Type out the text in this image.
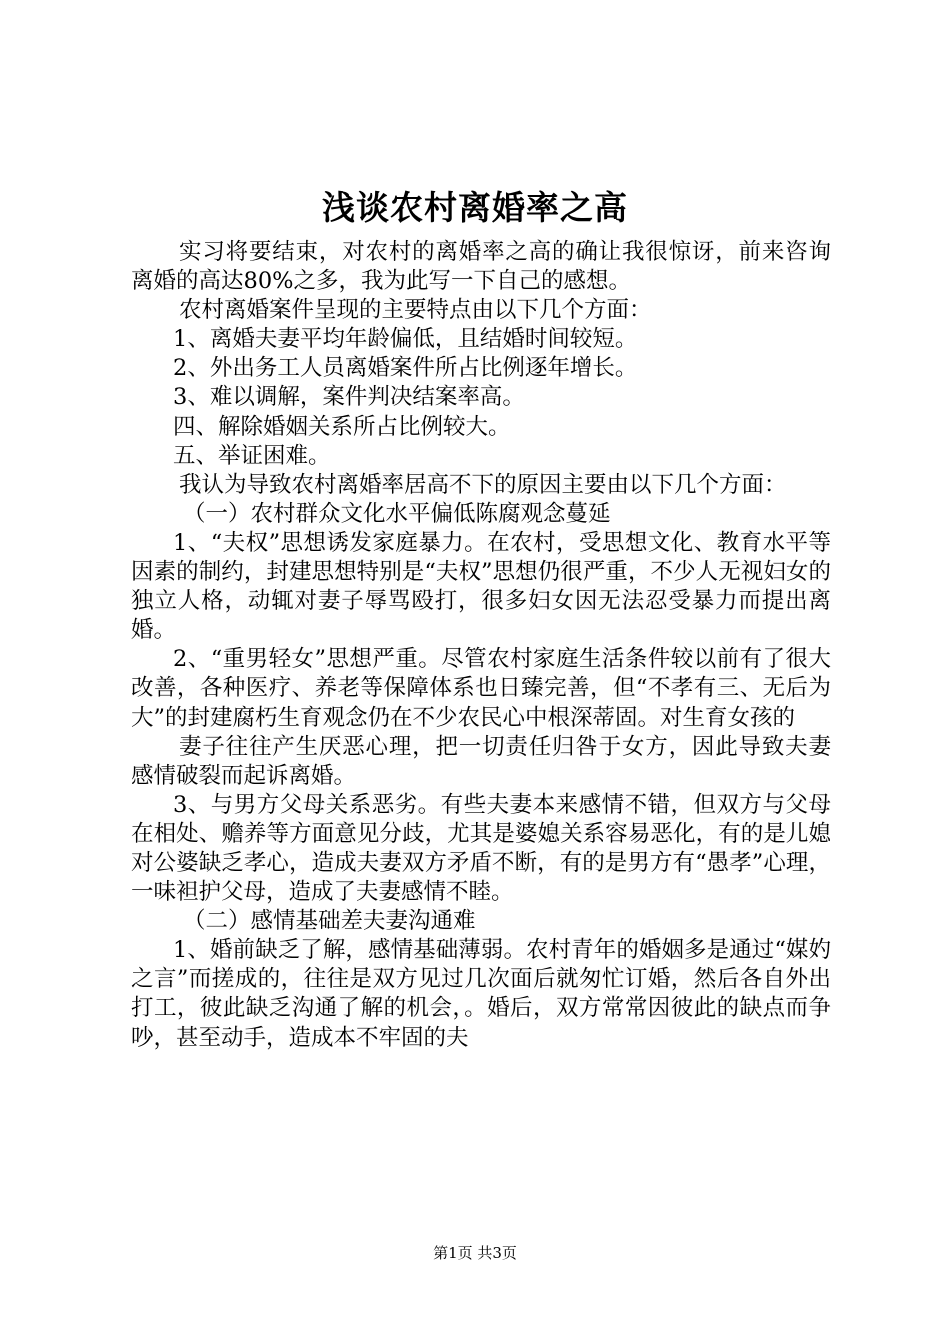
浅谈农村离婚率之高

实习将要结束，对农村的离婚率之高的确让我很惊讶，前来咨询离婚的高达80%之多，我为此写一下自己的感想。

农村离婚案件呈现的主要特点由以下几个方面：

1、离婚夫妻平均年龄偏低，且结婚时间较短。

2、外出务工人员离婚案件所占比例逐年增长。

3、难以调解，案件判决结案率高。

四、解除婚姻关系所占比例较大。

五、举证困难。

我认为导致农村离婚率居高不下的原因主要由以下几个方面：

（一）农村群众文化水平偏低陈腐观念蔓延

1、“夫权”思想诱发家庭暴力。在农村，受思想文化、教育水平等因素的制约，封建思想特别是“夫权”思想仍很严重，不少人无视妇女的独立人格，动辄对妻子辱骂殴打，很多妇女因无法忍受暴力而提出离婚。

2、“重男轻女”思想严重。尽管农村家庭生活条件较以前有了很大改善，各种医疗、养老等保障体系也日臻完善，但“不孝有三、无后为大”的封建腐朽生育观念仍在不少农民心中根深蒂固。对生育女孩的

妻子往往产生厌恶心理，把一切责任归咎于女方，因此导致夫妻感情破裂而起诉离婚。

3、与男方父母关系恶劣。有些夫妻本来感情不错，但双方与父母在相处、赡养等方面意见分歧，尤其是婆媳关系容易恶化，有的是儿媳对公婆缺乏孝心，造成夫妻双方矛盾不断，有的是男方有“愚孝”心理，一味袒护父母，造成了夫妻感情不睦。

（二）感情基础差夫妻沟通难

1、婚前缺乏了解，感情基础薄弱。农村青年的婚姻多是通过“媒妁之言”而搓成的，往往是双方见过几次面后就匆忙订婚，然后各自外出打工，彼此缺乏沟通了解的机会，。婚后，双方常常因彼此的缺点而争吵，甚至动手，造成本不牢固的夫

第1页 共3页
